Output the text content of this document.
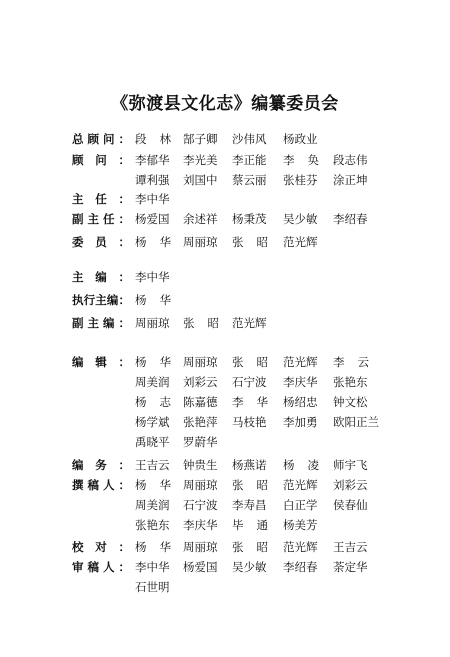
《弥渡县文化志》编纂委员会
总 顾 问 ： 段 林 郜子卿 沙伟风 杨政业
顾 问 ： 李郁华 李光美 李正能 李 奂 段志伟
谭利强 刘国中 蔡云丽 张桂芬 涂正坤
主 任 ： 李中华
副 主 任 ： 杨爱国 余述祥 杨秉茂 吴少敏 李绍春
委 员 ： 杨 华 周丽琼 张 昭 范光辉
主 编 ： 李中华
执 行 主 编 ： 杨 华
副 主 编 ： 周丽琼 张 昭 范光辉
编 辑 ： 杨 华 周丽琼 张 昭 范光辉 李 云
周美润 刘彩云 石宁波 李庆华 张艳东
杨 志 陈嘉德 李 华 杨绍忠 钟文松
杨学斌 张艳萍 马枝艳 李加勇 欧阳正兰
禹晓平 罗蔚华
编 务 ： 王吉云 钟贵生 杨燕诺 杨 凌 师宇飞
撰 稿 人 ： 杨 华 周丽琼 张 昭 范光辉 刘彩云
周美润 石宁波 李寿昌 白正学 侯春仙
张艳东 李庆华 毕 通 杨美芳
校 对 ： 杨 华 周丽琼 张 昭 范光辉 王吉云
审 稿 人 ： 李中华 杨爱国 吴少敏 李绍春 荼定华
石世明
